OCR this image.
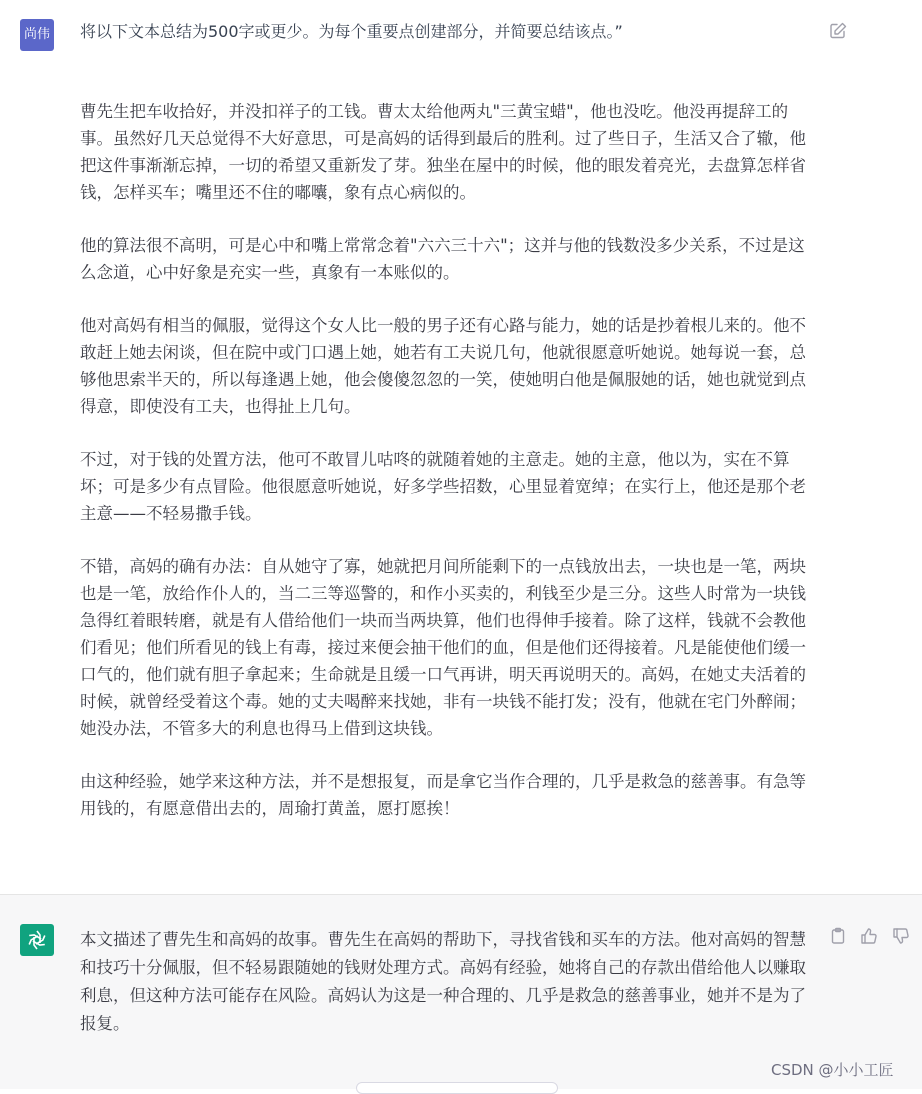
尚伟 将以下文本总结为500字或更少。为每个重要点创建部分，并简要总结该点。”

曹先生把车收拾好，并没扣祥子的工钱。曹太太给他两丸"三黄宝蜡"，他也没吃。他没再提辞工的事。虽然好几天总觉得不大好意思，可是高妈的话得到最后的胜利。过了些日子，生活又合了辙，他把这件事渐渐忘掉，一切的希望又重新发了芽。独坐在屋中的时候，他的眼发着亮光，去盘算怎样省钱，怎样买车；嘴里还不住的嘟囔，象有点心病似的。

他的算法很不高明，可是心中和嘴上常常念着"六六三十六"；这并与他的钱数没多少关系，不过是这么念道，心中好象是充实一些，真象有一本账似的。

他对高妈有相当的佩服，觉得这个女人比一般的男子还有心路与能力，她的话是抄着根儿来的。他不敢赶上她去闲谈，但在院中或门口遇上她，她若有工夫说几句，他就很愿意听她说。她每说一套，总够他思索半天的，所以每逢遇上她，他会傻傻忽忽的一笑，使她明白他是佩服她的话，她也就觉到点得意，即使没有工夫，也得扯上几句。

不过，对于钱的处置方法，他可不敢冒儿咕咚的就随着她的主意走。她的主意，他以为，实在不算坏；可是多少有点冒险。他很愿意听她说，好多学些招数，心里显着宽绰；在实行上，他还是那个老主意——不轻易撒手钱。

不错，高妈的确有办法：自从她守了寡，她就把月间所能剩下的一点钱放出去，一块也是一笔，两块也是一笔，放给作仆人的，当二三等巡警的，和作小买卖的，利钱至少是三分。这些人时常为一块钱急得红着眼转磨，就是有人借给他们一块而当两块算，他们也得伸手接着。除了这样，钱就不会教他们看见；他们所看见的钱上有毒，接过来便会抽干他们的血，但是他们还得接着。凡是能使他们缓一口气的，他们就有胆子拿起来；生命就是且缓一口气再讲，明天再说明天的。高妈，在她丈夫活着的时候，就曾经受着这个毒。她的丈夫喝醉来找她，非有一块钱不能打发；没有，他就在宅门外醉闹；她没办法，不管多大的利息也得马上借到这块钱。

由这种经验，她学来这种方法，并不是想报复，而是拿它当作合理的，几乎是救急的慈善事。有急等用钱的，有愿意借出去的，周瑜打黄盖，愿打愿挨！

本文描述了曹先生和高妈的故事。曹先生在高妈的帮助下，寻找省钱和买车的方法。他对高妈的智慧和技巧十分佩服，但不轻易跟随她的钱财处理方式。高妈有经验，她将自己的存款出借给他人以赚取利息，但这种方法可能存在风险。高妈认为这是一种合理的、几乎是救急的慈善事业，她并不是为了报复。

CSDN @小小工匠
